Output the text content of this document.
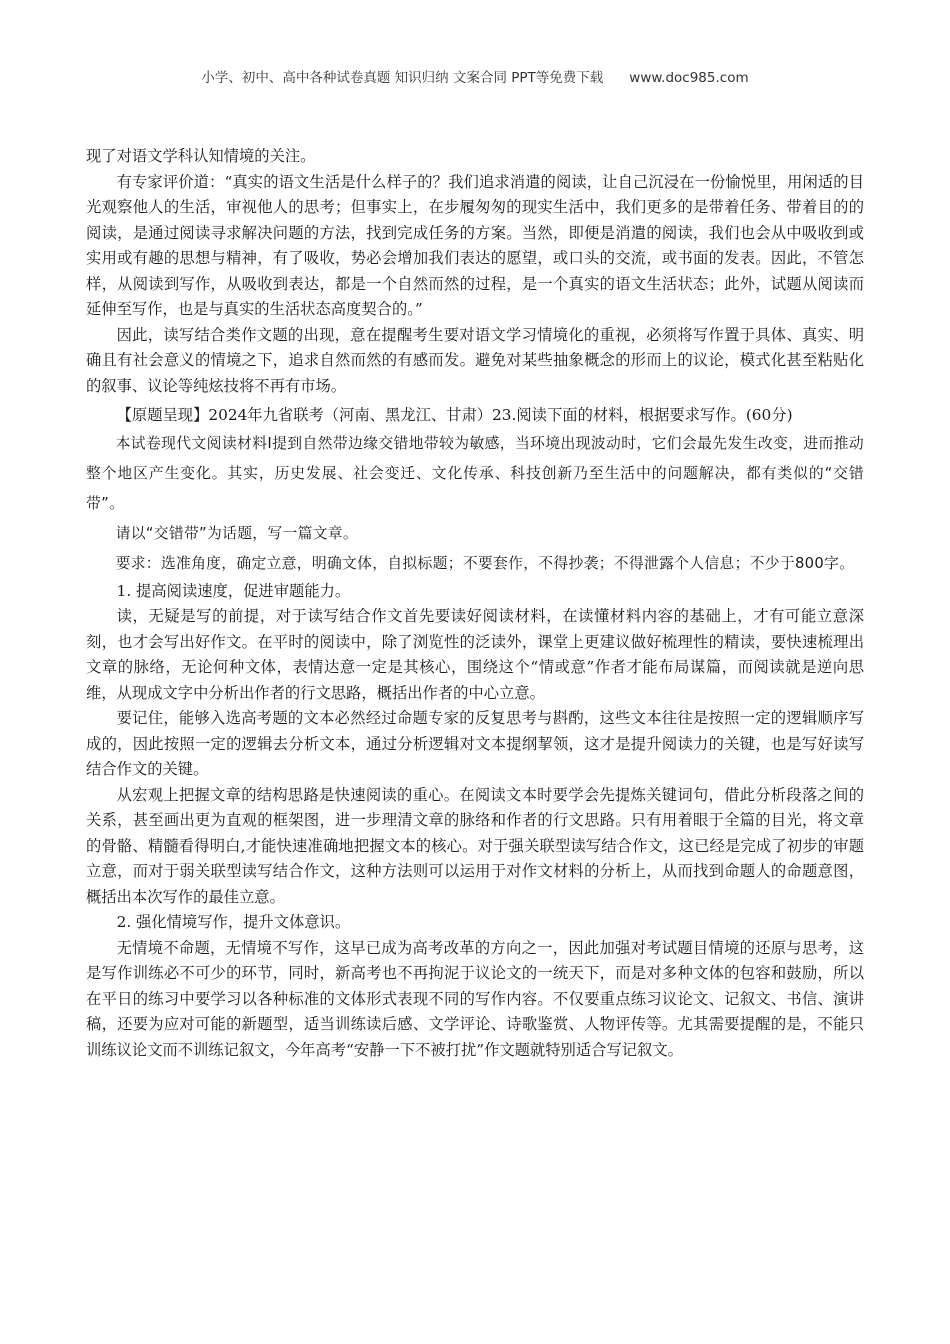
小学、初中、高中各种试卷真题 知识归纳 文案合同 PPT等免费下载 www.doc985.com

现了对语文学科认知情境的关注。

有专家评价道：“真实的语文生活是什么样子的？我们追求消遣的阅读，让自己沉浸在一份愉悦里，用闲适的目光观察他人的生活，审视他人的思考；但事实上，在步履匆匆的现实生活中，我们更多的是带着任务、带着目的的阅读，是通过阅读寻求解决问题的方法，找到完成任务的方案。当然，即便是消遣的阅读，我们也会从中吸收到或实用或有趣的思想与精神，有了吸收，势必会增加我们表达的愿望，或口头的交流，或书面的发表。因此，不管怎样，从阅读到写作，从吸收到表达，都是一个自然而然的过程，是一个真实的语文生活状态；此外，试题从阅读而延伸至写作，也是与真实的生活状态高度契合的。”

因此，读写结合类作文题的出现，意在提醒考生要对语文学习情境化的重视，必须将写作置于具体、真实、明确且有社会意义的情境之下，追求自然而然的有感而发。避免对某些抽象概念的形而上的议论，模式化甚至粘贴化的叙事、议论等纯炫技将不再有市场。

【原题呈现】2024年九省联考（河南、黑龙江、甘肃）23.阅读下面的材料，根据要求写作。(60分)

本试卷现代文阅读材料Ⅰ提到自然带边缘交错地带较为敏感，当环境出现波动时，它们会最先发生改变，进而推动整个地区产生变化。其实，历史发展、社会变迁、文化传承、科技创新乃至生活中的问题解决，都有类似的“交错带”。

请以“交错带”为话题，写一篇文章。

要求：选准角度，确定立意，明确文体，自拟标题；不要套作，不得抄袭；不得泄露个人信息；不少于800字。

1. 提高阅读速度，促进审题能力。

读，无疑是写的前提，对于读写结合作文首先要读好阅读材料，在读懂材料内容的基础上，才有可能立意深刻，也才会写出好作文。在平时的阅读中，除了浏览性的泛读外，课堂上更建议做好梳理性的精读，要快速梳理出文章的脉络，无论何种文体，表情达意一定是其核心，围绕这个“情或意”作者才能布局谋篇，而阅读就是逆向思维，从现成文字中分析出作者的行文思路，概括出作者的中心立意。

要记住，能够入选高考题的文本必然经过命题专家的反复思考与斟酌，这些文本往往是按照一定的逻辑顺序写成的，因此按照一定的逻辑去分析文本，通过分析逻辑对文本提纲挈领，这才是提升阅读力的关键，也是写好读写结合作文的关键。

从宏观上把握文章的结构思路是快速阅读的重心。在阅读文本时要学会先提炼关键词句，借此分析段落之间的关系，甚至画出更为直观的框架图，进一步理清文章的脉络和作者的行文思路。只有用着眼于全篇的目光，将文章的骨骼、精髓看得明白,才能快速准确地把握文本的核心。对于强关联型读写结合作文，这已经是完成了初步的审题立意，而对于弱关联型读写结合作文，这种方法则可以运用于对作文材料的分析上，从而找到命题人的命题意图，概括出本次写作的最佳立意。

2. 强化情境写作，提升文体意识。

无情境不命题，无情境不写作，这早已成为高考改革的方向之一，因此加强对考试题目情境的还原与思考，这是写作训练必不可少的环节，同时，新高考也不再拘泥于议论文的一统天下，而是对多种文体的包容和鼓励，所以在平日的练习中要学习以各种标准的文体形式表现不同的写作内容。不仅要重点练习议论文、记叙文、书信、演讲稿，还要为应对可能的新题型，适当训练读后感、文学评论、诗歌鉴赏、人物评传等。尤其需要提醒的是，不能只训练议论文而不训练记叙文，今年高考“安静一下不被打扰”作文题就特别适合写记叙文。
